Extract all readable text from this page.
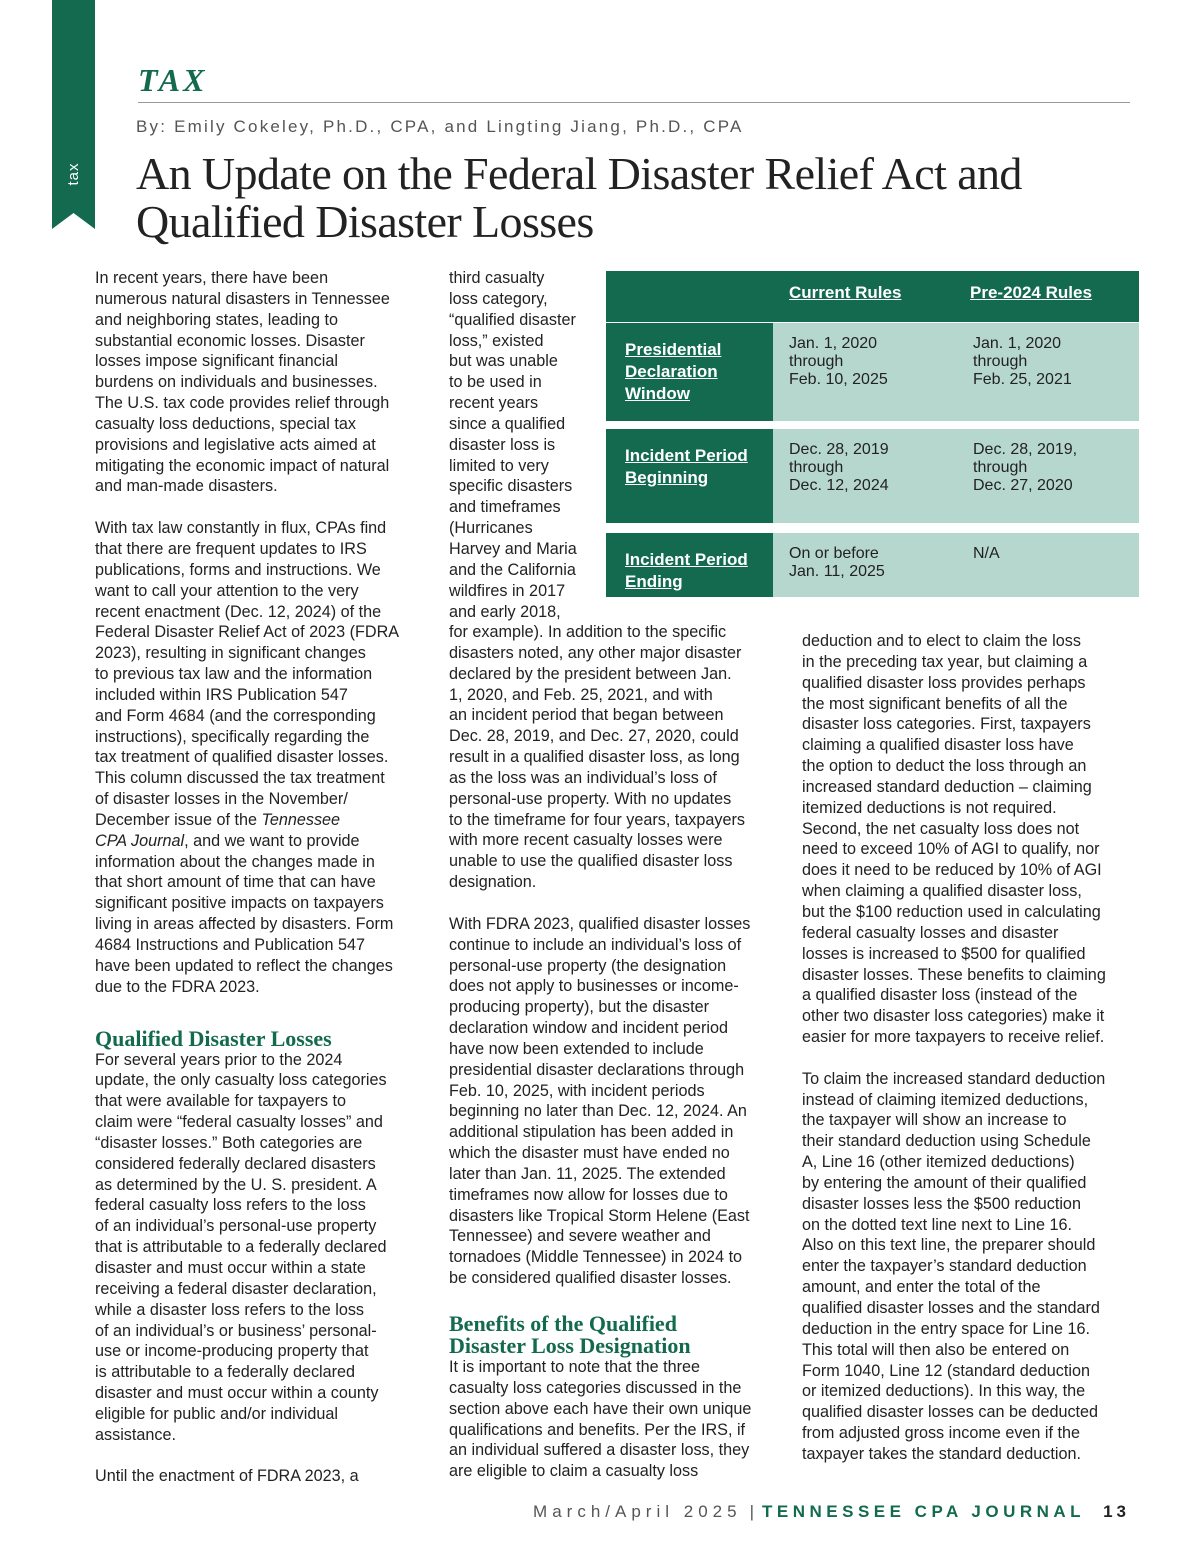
tax
TAX
By: Emily Cokeley, Ph.D., CPA, and Lingting Jiang, Ph.D., CPA
An Update on the Federal Disaster Relief Act and Qualified Disaster Losses

In recent years, there have been
numerous natural disasters in Tennessee
and neighboring states, leading to
substantial economic losses. Disaster
losses impose significant financial
burdens on individuals and businesses.
The U.S. tax code provides relief through
casualty loss deductions, special tax
provisions and legislative acts aimed at
mitigating the economic impact of natural
and man-made disasters.

With tax law constantly in flux, CPAs find
that there are frequent updates to IRS
publications, forms and instructions. We
want to call your attention to the very
recent enactment (Dec. 12, 2024) of the
Federal Disaster Relief Act of 2023 (FDRA
2023), resulting in significant changes
to previous tax law and the information
included within IRS Publication 547
and Form 4684 (and the corresponding
instructions), specifically regarding the
tax treatment of qualified disaster losses.
This column discussed the tax treatment
of disaster losses in the November/
December issue of the Tennessee
CPA Journal, and we want to provide
information about the changes made in
that short amount of time that can have
significant positive impacts on taxpayers
living in areas affected by disasters. Form
4684 Instructions and Publication 547
have been updated to reflect the changes
due to the FDRA 2023.

Qualified Disaster Losses

For several years prior to the 2024
update, the only casualty loss categories
that were available for taxpayers to
claim were “federal casualty losses” and
“disaster losses.” Both categories are
considered federally declared disasters
as determined by the U. S. president. A
federal casualty loss refers to the loss
of an individual’s personal-use property
that is attributable to a federally declared
disaster and must occur within a state
receiving a federal disaster declaration,
while a disaster loss refers to the loss
of an individual’s or business’ personal-
use or income-producing property that
is attributable to a federally declared
disaster and must occur within a county
eligible for public and/or individual
assistance.

Until the enactment of FDRA 2023, a

third casualty
loss category,
“qualified disaster
loss,” existed
but was unable
to be used in
recent years
since a qualified
disaster loss is
limited to very
specific disasters
and timeframes
(Hurricanes
Harvey and Maria
and the California
wildfires in 2017
and early 2018,

for example). In addition to the specific
disasters noted, any other major disaster
declared by the president between Jan.
1, 2020, and Feb. 25, 2021, and with
an incident period that began between
Dec. 28, 2019, and Dec. 27, 2020, could
result in a qualified disaster loss, as long
as the loss was an individual’s loss of
personal-use property. With no updates
to the timeframe for four years, taxpayers
with more recent casualty losses were
unable to use the qualified disaster loss
designation.

With FDRA 2023, qualified disaster losses
continue to include an individual’s loss of
personal-use property (the designation
does not apply to businesses or income-
producing property), but the disaster
declaration window and incident period
have now been extended to include
presidential disaster declarations through
Feb. 10, 2025, with incident periods
beginning no later than Dec. 12, 2024. An
additional stipulation has been added in
which the disaster must have ended no
later than Jan. 11, 2025. The extended
timeframes now allow for losses due to
disasters like Tropical Storm Helene (East
Tennessee) and severe weather and
tornadoes (Middle Tennessee) in 2024 to
be considered qualified disaster losses.

Benefits of the Qualified
Disaster Loss Designation

It is important to note that the three
casualty loss categories discussed in the
section above each have their own unique
qualifications and benefits. Per the IRS, if
an individual suffered a disaster loss, they
are eligible to claim a casualty loss

deduction and to elect to claim the loss
in the preceding tax year, but claiming a
qualified disaster loss provides perhaps
the most significant benefits of all the
disaster loss categories. First, taxpayers
claiming a qualified disaster loss have
the option to deduct the loss through an
increased standard deduction – claiming
itemized deductions is not required.
Second, the net casualty loss does not
need to exceed 10% of AGI to qualify, nor
does it need to be reduced by 10% of AGI
when claiming a qualified disaster loss,
but the $100 reduction used in calculating
federal casualty losses and disaster
losses is increased to $500 for qualified
disaster losses. These benefits to claiming
a qualified disaster loss (instead of the
other two disaster loss categories) make it
easier for more taxpayers to receive relief.

To claim the increased standard deduction
instead of claiming itemized deductions,
the taxpayer will show an increase to
their standard deduction using Schedule
A, Line 16 (other itemized deductions)
by entering the amount of their qualified
disaster losses less the $500 reduction
on the dotted text line next to Line 16.
Also on this text line, the preparer should
enter the taxpayer’s standard deduction
amount, and enter the total of the
qualified disaster losses and the standard
deduction in the entry space for Line 16.
This total will then also be entered on
Form 1040, Line 12 (standard deduction
or itemized deductions). In this way, the
qualified disaster losses can be deducted
from adjusted gross income even if the
taxpayer takes the standard deduction.

Current Rules	Pre-2024 Rules
Presidential
Declaration
Window
Jan. 1, 2020
through
Feb. 10, 2025
Jan. 1, 2020
through
Feb. 25, 2021
Incident Period
Beginning
Dec. 28, 2019
through
Dec. 12, 2024
Dec. 28, 2019,
through
Dec. 27, 2020
Incident Period
Ending
On or before
Jan. 11, 2025
N/A
March/April 2025 | TENNESSEE CPA JOURNAL 13
